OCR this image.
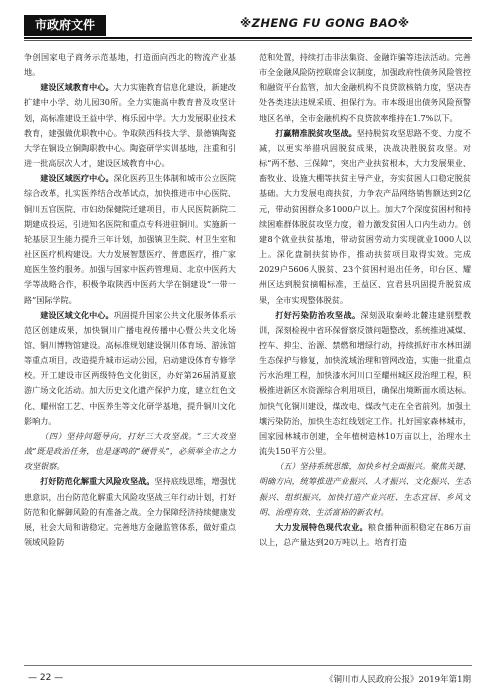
市政府文件	※ZHENG FU GONG BAO※

争创国家电子商务示范基地，打造面向西北的物流产业基地。

建设区域教育中心。大力实施教育信息化建设，新建改扩建中小学、幼儿园30所。全力实施高中教育普及攻坚计划，高标准建设王益中学、梅乐园中学。大力发展职业技术教育，建强做优职教中心。争取陕西科技大学、景德镇陶瓷大学在铜设立铜陶职教中心。陶瓷研学实训基地，注重和引进一批高层次人才，建设区域教育中心。

建设区域医疗中心。深化医药卫生体制和城市公立医院综合改革，扎实医养结合改革试点，加快推进市中心医院、铜川五官医院、市妇幼保健院迁建项目，市人民医院新院二期建成投运，引进知名医院和重点专科进驻铜川。实施新一轮基层卫生能力提升三年计划，加强镇卫生院、村卫生室和社区医疗机构建设。大力发展智慧医疗、普惠医疗，推广家庭医生签约服务。加强与国家中医药管理局、北京中医药大学等战略合作，积极争取陕西中医药大学在铜建设“一带一路”国际学院。

建设区域文化中心。巩固提升国家公共文化服务体系示范区创建成果，加快铜川广播电视传播中心暨公共文化场馆、铜川博物馆建设。高标准规划建设铜川体育场、游泳馆等重点项目，改造提升城市运动公园，启动建设体育专修学校。开工建设市区两级特色文化街区，办好第26届消夏旅游广场文化活动。加大历史文化遗产保护力度，建立红色文化、耀州窑工艺、中医养生等文化研学基地，提升铜川文化影响力。

（四）坚持问题导向，打好三大攻坚战。“三大攻坚战”既是政治任务，也是逐鸣的“硬骨头”，必须举全市之力攻坚银察。

打好防范化解重大风险攻坚战。坚持底线思维，增强忧患意识，出台防范化解重大风险攻坚战三年行动计划，打好防范和化解御风险的有准备之战。全力保障经济持续健康发展，社会大局和谐稳定。完善地方金融监管体系，做好重点领域风险防

范和处置，持续打击非法集资、金融诈骗等违法活动。完善市全金融风险防控联席会议制度，加强政府性债务风险管控和融资平台监管，加大金融机构不良贷款核销力度，坚决杏处各类违法违规采质、担保行为。市本级退出债务风险预警地区名单，全市金融机构不良贷款率维持在1.7%以下。

打赢精准脱贫攻坚战。坚持脱贫攻坚思路不变、力度不减，以更实举措巩固脱贫成果，决战决胜脱贫攻坚。对标“两不愁、三保障”，突出产业扶贫根本，大力发展果业、畜牧业、设施大棚等扶贫主导产业，夯实贫困人口稳定脱贫基础。大力发展电商扶贫，力争农产品网络销售额达到2亿元，带动贫困群众多1000户以上。加大7个深度贫困村和持续困难群体脱贫攻坚力度，着力激发贫困人口内生动力。创建8个就业扶贫基地，带动贫困劳动力实现就业1000人以上。深化盘制扶贫协作，推动扶贫项目取得实效。完成2029户5606人脱贫、23个贫困村退出任务，印台区、耀州区达到脱贫摘帽标准，王益区、宜君县巩固提升脱贫成果，全市实现整体脱贫。

打好污染防治攻坚战。深刻汲取秦岭北麓违建别墅教训，深刻检视中省环保督察反馈问题整改，系统推进减煤、控车、抑尘、治源、禁燃和增绿行动，持续抓好市水林田湖生态保护与修复，加快流域治理和管网改造，实施一批重点污水治理工程，加快漆水河川口至耀州城区段治理工程，积极推进新区水资源综合利用项目，确保出境断面水质达标。加快气化铜川建设，煤改电、煤改气走在全省前列。加强土壤污染防治，加快生态红线划定工作。扎好国家森林城市，国家园林城市创建，全年植树造林10万亩以上，治理水土流失150平方公里。

（五）坚持系统思维，加快乡村全面振兴。聚焦关键、明确方向，统筹推进产业振兴、人才振兴、文化振兴、生态振兴、组织振兴，加快打造产业兴旺、生态宜居、乡风文明、治理有效、生活富裕的新农村。

大力发展特色现代农业。粮食播种面积稳定在86万亩以上，总产量达到20万吨以上。培育打造

— 22 —	《铜川市人民政府公报》2019年第1期
